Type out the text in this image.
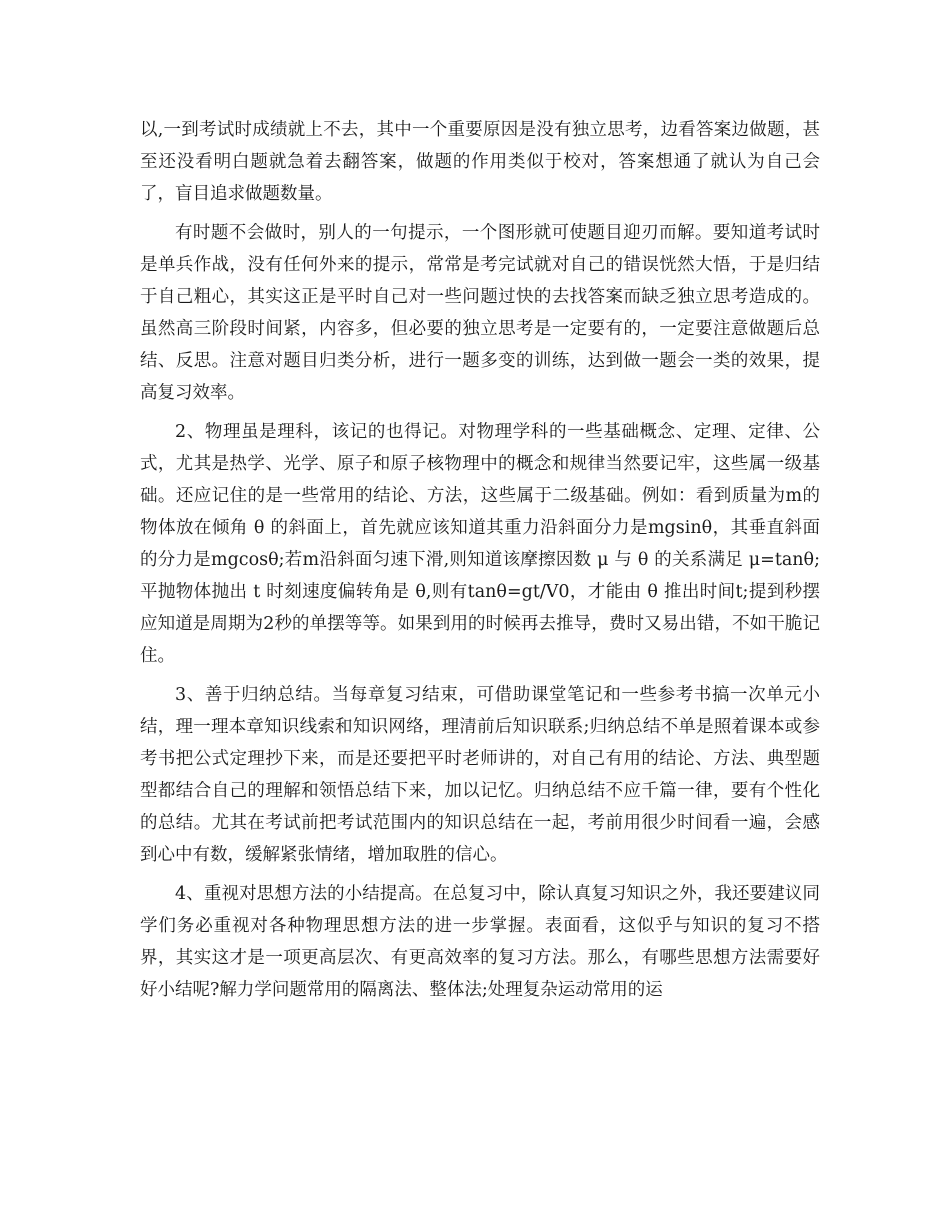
以,一到考试时成绩就上不去，其中一个重要原因是没有独立思考，边看答案边做题，甚至还没看明白题就急着去翻答案，做题的作用类似于校对，答案想通了就认为自己会了，盲目追求做题数量。

有时题不会做时，别人的一句提示，一个图形就可使题目迎刃而解。要知道考试时是单兵作战，没有任何外来的提示，常常是考完试就对自己的错误恍然大悟，于是归结于自己粗心，其实这正是平时自己对一些问题过快的去找答案而缺乏独立思考造成的。虽然高三阶段时间紧，内容多，但必要的独立思考是一定要有的，一定要注意做题后总结、反思。注意对题目归类分析，进行一题多变的训练，达到做一题会一类的效果，提高复习效率。

2、物理虽是理科，该记的也得记。对物理学科的一些基础概念、定理、定律、公式，尤其是热学、光学、原子和原子核物理中的概念和规律当然要记牢，这些属一级基础。还应记住的是一些常用的结论、方法，这些属于二级基础。例如：看到质量为m的物体放在倾角 θ 的斜面上，首先就应该知道其重力沿斜面分力是mgsinθ，其垂直斜面的分力是mgcosθ;若m沿斜面匀速下滑,则知道该摩擦因数 μ 与 θ 的关系满足 μ=tanθ;平抛物体抛出 t 时刻速度偏转角是 θ,则有tanθ=gt/V0，才能由 θ 推出时间t;提到秒摆应知道是周期为2秒的单摆等等。如果到用的时候再去推导，费时又易出错，不如干脆记住。

3、善于归纳总结。当每章复习结束，可借助课堂笔记和一些参考书搞一次单元小结，理一理本章知识线索和知识网络，理清前后知识联系;归纳总结不单是照着课本或参考书把公式定理抄下来，而是还要把平时老师讲的，对自己有用的结论、方法、典型题型都结合自己的理解和领悟总结下来，加以记忆。归纳总结不应千篇一律，要有个性化的总结。尤其在考试前把考试范围内的知识总结在一起，考前用很少时间看一遍，会感到心中有数，缓解紧张情绪，增加取胜的信心。

4、重视对思想方法的小结提高。在总复习中，除认真复习知识之外，我还要建议同学们务必重视对各种物理思想方法的进一步掌握。表面看，这似乎与知识的复习不搭界，其实这才是一项更高层次、有更高效率的复习方法。那么，有哪些思想方法需要好好小结呢?解力学问题常用的隔离法、整体法;处理复杂运动常用的运
